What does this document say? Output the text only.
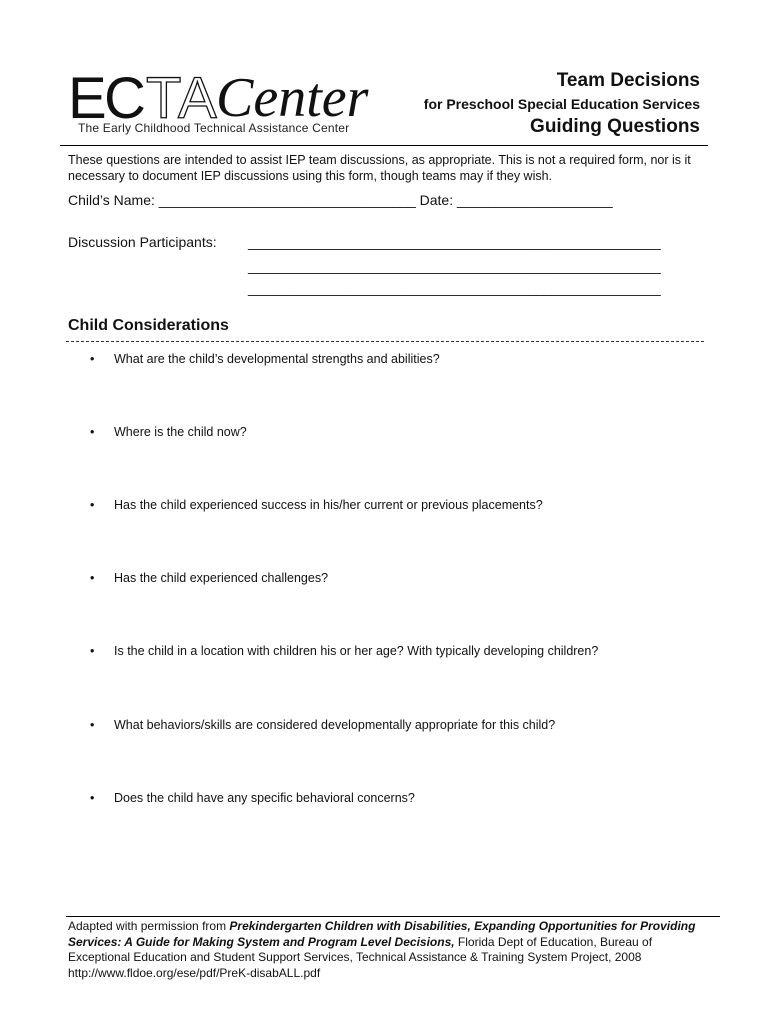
E
C T
A Center
The Early Childhood Technical Assistance Center
Team Decisions
for Preschool Special Education Services
Guiding Questions
These questions are intended to assist IEP team discussions, as appropriate. This is not a required form, nor is it necessary to document IEP discussions using this form, though teams may if they wish.
Child’s Name: _________________________________ Date: ____________________
Discussion Participants: _____________________________________________________
_____________________________________________________
_____________________________________________________
Child Considerations
• What are the child’s developmental strengths and abilities?
• Where is the child now?
• Has the child experienced success in his/her current or previous placements?
• Has the child experienced challenges?
• Is the child in a location with children his or her age? With typically developing children?
• What behaviors/skills are considered developmentally appropriate for this child?
• Does the child have any specific behavioral concerns?
Adapted with permission from Prekindergarten Children with Disabilities, Expanding Opportunities for Providing Services: A Guide for Making System and Program Level Decisions, Florida Dept of Education, Bureau of Exceptional Education and Student Support Services, Technical Assistance & Training System Project, 2008 http://www.fldoe.org/ese/pdf/PreK-disabALL.pdf
